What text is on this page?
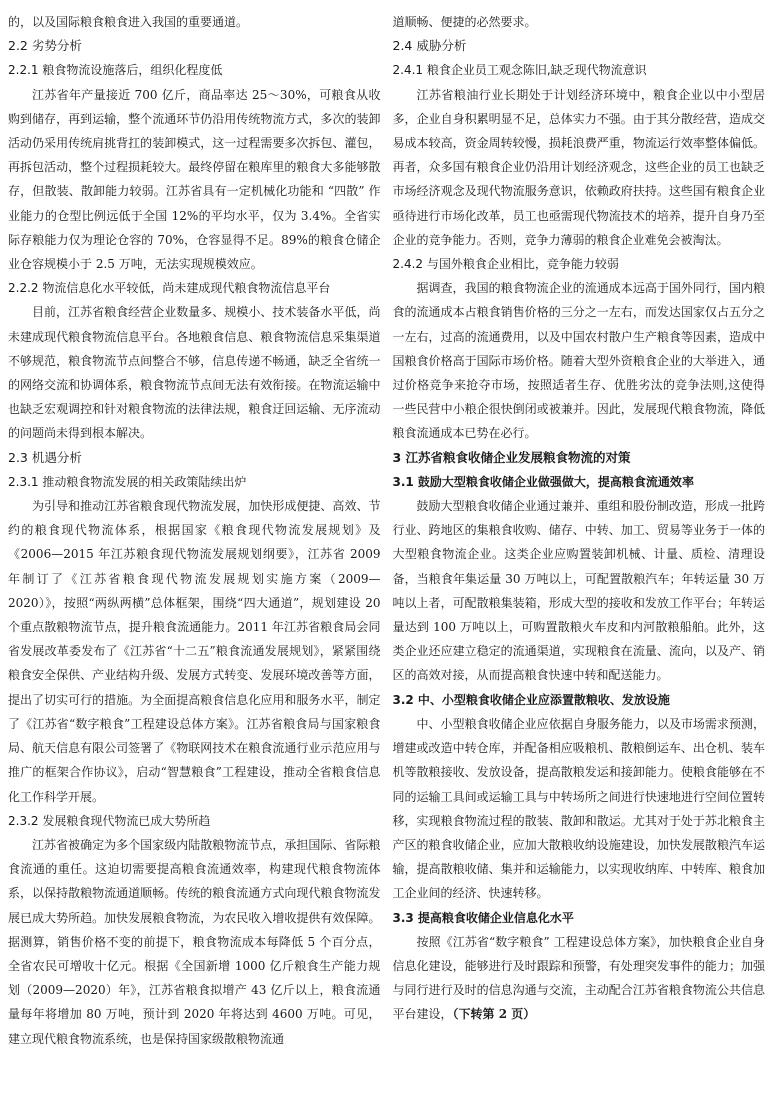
的，以及国际粮食粮食进入我国的重要通道。

2.2 劣势分析

2.2.1 粮食物流设施落后，组织化程度低

江苏省年产量接近 700 亿斤，商品率达 25～30%，可粮食从收购到储存，再到运输，整个流通环节仍沿用传统物流方式，多次的装卸活动仍采用传统肩挑背扛的装卸模式，这一过程需要多次拆包、灌包，再拆包活动，整个过程损耗较大。最终停留在粮库里的粮食大多能够散存，但散装、散卸能力较弱。江苏省具有一定机械化功能和 “四散” 作业能力的仓型比例远低于全国 12%的平均水平，仅为 3.4%。全省实际存粮能力仅为理论仓容的 70%，仓容显得不足。89%的粮食仓储企业仓容规模小于 2.5 万吨，无法实现规模效应。

2.2.2 物流信息化水平较低，尚未建成现代粮食物流信息平台

目前，江苏省粮食经营企业数量多、规模小、技术装备水平低，尚未建成现代粮食物流信息平台。各地粮食信息、粮食物流信息采集渠道不够规范，粮食物流节点间整合不够，信息传递不畅通，缺乏全省统一的网络交流和协调体系，粮食物流节点间无法有效衔接。在物流运输中也缺乏宏观调控和针对粮食物流的法律法规，粮食迂回运输、无序流动的问题尚未得到根本解决。

2.3 机遇分析

2.3.1 推动粮食物流发展的相关政策陆续出炉

为引导和推动江苏省粮食现代物流发展，加快形成便捷、高效、节约的粮食现代物流体系，根据国家《粮食现代物流发展规划》及《2006—2015 年江苏粮食现代物流发展规划纲要》，江苏省 2009 年制订了《江苏省粮食现代物流发展规划实施方案（2009—2020）》，按照“两纵两横”总体框架，围绕“四大通道”，规划建设 20 个重点散粮物流节点，提升粮食流通能力。2011 年江苏省粮食局会同省发展改革委发布了《江苏省“十二五”粮食流通发展规划》，紧紧围绕粮食安全保供、产业结构升级、发展方式转变、发展环境改善等方面，提出了切实可行的措施。为全面提高粮食信息化应用和服务水平，制定了《江苏省“数字粮食”工程建设总体方案》。江苏省粮食局与国家粮食局、航天信息有限公司签署了《物联网技术在粮食流通行业示范应用与推广的框架合作协议》，启动“智慧粮食”工程建设，推动全省粮食信息化工作科学开展。

2.3.2 发展粮食现代物流已成大势所趋

江苏省被确定为多个国家级内陆散粮物流节点，承担国际、省际粮食流通的重任。这迫切需要提高粮食流通效率，构建现代粮食物流体系，以保持散粮物流通道顺畅。传统的粮食流通方式向现代粮食物流发展已成大势所趋。加快发展粮食物流，为农民收入增收提供有效保障。据测算，销售价格不变的前提下，粮食物流成本每降低 5 个百分点，全省农民可增收十亿元。根据《全国新增 1000 亿斤粮食生产能力规划（2009—2020）年》，江苏省粮食拟增产 43 亿斤以上，粮食流通量每年将增加 80 万吨，预计到 2020 年将达到 4600 万吨。可见，建立现代粮食物流系统，也是保持国家级散粮物流通

道顺畅、便捷的必然要求。

2.4 威胁分析

2.4.1 粮食企业员工观念陈旧,缺乏现代物流意识

江苏省粮油行业长期处于计划经济环境中，粮食企业以中小型居多，企业自身积累明显不足，总体实力不强。由于其分散经营，造成交易成本较高，资金周转较慢，损耗浪费严重，物流运行效率整体偏低。再者，众多国有粮食企业仍沿用计划经济观念，这些企业的员工也缺乏市场经济观念及现代物流服务意识，依赖政府扶持。这些国有粮食企业亟待进行市场化改革，员工也亟需现代物流技术的培养，提升自身乃至企业的竞争能力。否则，竞争力薄弱的粮食企业难免会被淘汰。

2.4.2 与国外粮食企业相比，竞争能力较弱

据调查，我国的粮食物流企业的流通成本远高于国外同行，国内粮食的流通成本占粮食销售价格的三分之一左右，而发达国家仅占五分之一左右，过高的流通费用，以及中国农村散户生产粮食等因素，造成中国粮食价格高于国际市场价格。随着大型外资粮食企业的大举进入，通过价格竞争来抢夺市场，按照适者生存、优胜劣汰的竞争法则,这使得一些民营中小粮企很快倒闭或被兼并。因此，发展现代粮食物流，降低粮食流通成本已势在必行。

3 江苏省粮食收储企业发展粮食物流的对策

3.1 鼓励大型粮食收储企业做强做大，提高粮食流通效率

鼓励大型粮食收储企业通过兼并、重组和股份制改造，形成一批跨行业、跨地区的集粮食收购、储存、中转、加工、贸易等业务于一体的大型粮食物流企业。这类企业应购置装卸机械、计量、质检、清理设备，当粮食年集运量 30 万吨以上，可配置散粮汽车；年转运量 30 万吨以上者，可配散粮集装箱，形成大型的接收和发放工作平台；年转运量达到 100 万吨以上，可购置散粮火车皮和内河散粮船舶。此外，这类企业还应建立稳定的流通渠道，实现粮食在流量、流向，以及产、销区的高效对接，从而提高粮食快速中转和配送能力。

3.2 中、小型粮食收储企业应添置散粮收、发放设施

中、小型粮食收储企业应依据自身服务能力，以及市场需求预测，增建或改造中转仓库，并配备相应吸粮机、散粮倒运车、出仓机、装车机等散粮接收、发放设备，提高散粮发运和接卸能力。使粮食能够在不同的运输工具间或运输工具与中转场所之间进行快速地进行空间位置转移，实现粮食物流过程的散装、散卸和散运。尤其对于处于苏北粮食主产区的粮食收储企业，应加大散粮收纳设施建设，加快发展散粮汽车运输，提高散粮收储、集并和运输能力，以实现收纳库、中转库、粮食加工企业间的经济、快速转移。

3.3 提高粮食收储企业信息化水平

按照《江苏省“数字粮食” 工程建设总体方案》，加快粮食企业自身信息化建设，能够进行及时跟踪和预警，有处理突发事件的能力；加强与同行进行及时的信息沟通与交流，主动配合江苏省粮食物流公共信息平台建设，（下转第 2 页）
